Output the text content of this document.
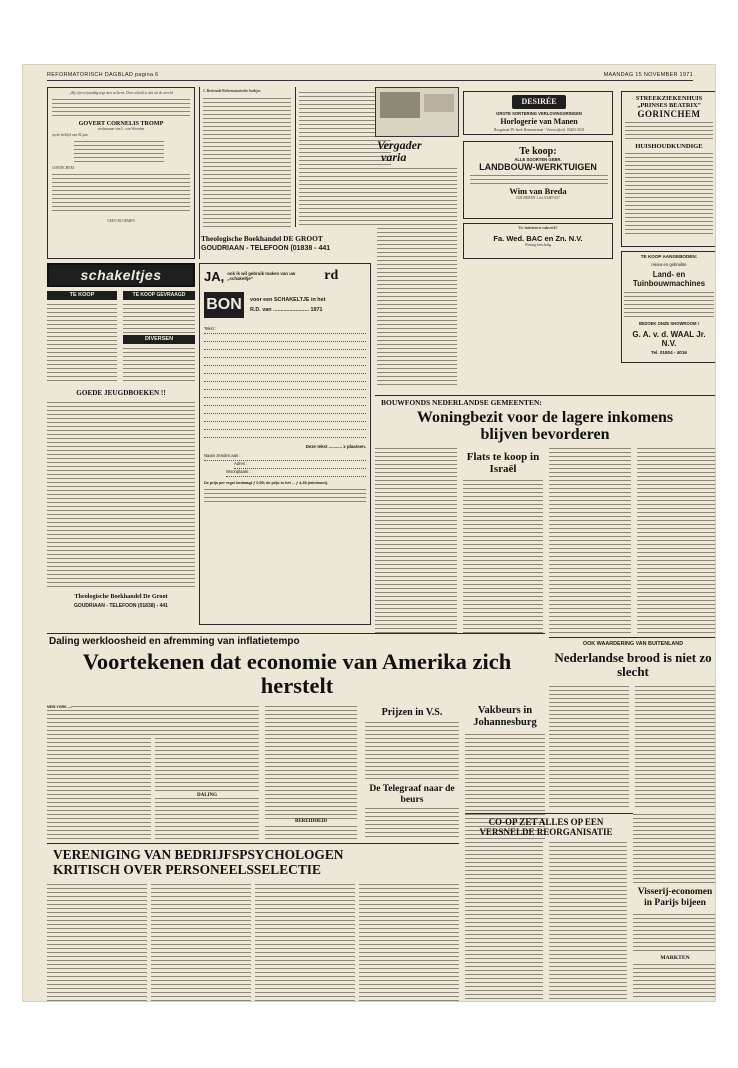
REFORMATORISCH DAGBLAD pagina 6	MAANDAG 15 NOVEMBER 1971
„Bij zijn verjaardag zegt men weleens: Deze schuld is niet uit de wereld
GOVERT CORNELIS TROMP
weduwnaar van L. van Woerden
op de leeftijd van 82 jaar
GORINCHEM
GEEN BLOEMEN
1. Bestemde Reformatorische boekjes
Theologische Boekhandel DE GROOT
GOUDRIAAN - TELEFOON (01838 - 441
Vergader
varia
DESIRÉE
GROTE SORTERING VERLOVINGSRINGEN
Horlogerie van Manen
Hoogstraat 39, hoek Bosmanstraat - Vreeswijk tel. 03403-2633
Te koop:
ALLE SOORTEN GEBR.
LANDBOUW-WERKTUIGEN
Wim van Breda
GOLDEREN 1 tel. 03487-657
Uw interieur is vakwerk?
Fa. Wed. BAC en Zn. N.V.
Woning-inrichting
STREEKZIEKENHUIS
„PRINSES BEATRIX”
GORINCHEM
HUISHOUDKUNDIGE
TE KOOP AANGEBODEN:
nieuw en gebruikte
Land- en Tuinbouwmachines
BEZOEK ONZE SHOWROOM !
G. A. v. d. WAAL Jr. N.V.
Tel. 01804 - 4016
schakeltjes
TE KOOP	TE KOOP GEVRAAGD
DIVERSEN
GOEDE JEUGDBOEKEN !!
Theologische Boekhandel De Groot
GOUDRIAAN - TELEFOON (01838) - 441
JA, ook ik wil gebruik maken van uw „schakeltje”	rd
BON	voor een SCHAKELTJE in het
R.D. van ........................ 1971
Tekst :
Deze tekst ........... x plaatsen.
Naam zenden aan :
Adres :
Woonplaats :
De prijs per regel bedraagt ƒ 0,59; de prijs in het ... ƒ 4,35 (minimum).
BOUWFONDS NEDERLANDSE GEMEENTEN:
Woningbezit voor de lagere inkomens blijven bevorderen
Flats te koop in Israël
OOK WAARDERING VAN BUITENLAND
Nederlandse brood is niet zo slecht
Daling werkloosheid en afremming van inflatietempo
Voortekenen dat economie van Amerika zich herstelt
NEW YORK —
DALING
BEREIDHEID
Prijzen in V.S.
De Telegraaf naar de beurs
Vakbeurs in Johannesburg
CO-OP ZET ALLES OP EEN VERSNELDE REORGANISATIE
Visserij-economen in Parijs bijeen
MARKTEN
VERENIGING VAN BEDRIJFSPSYCHOLOGEN KRITISCH OVER PERSONEELSSELECTIE
